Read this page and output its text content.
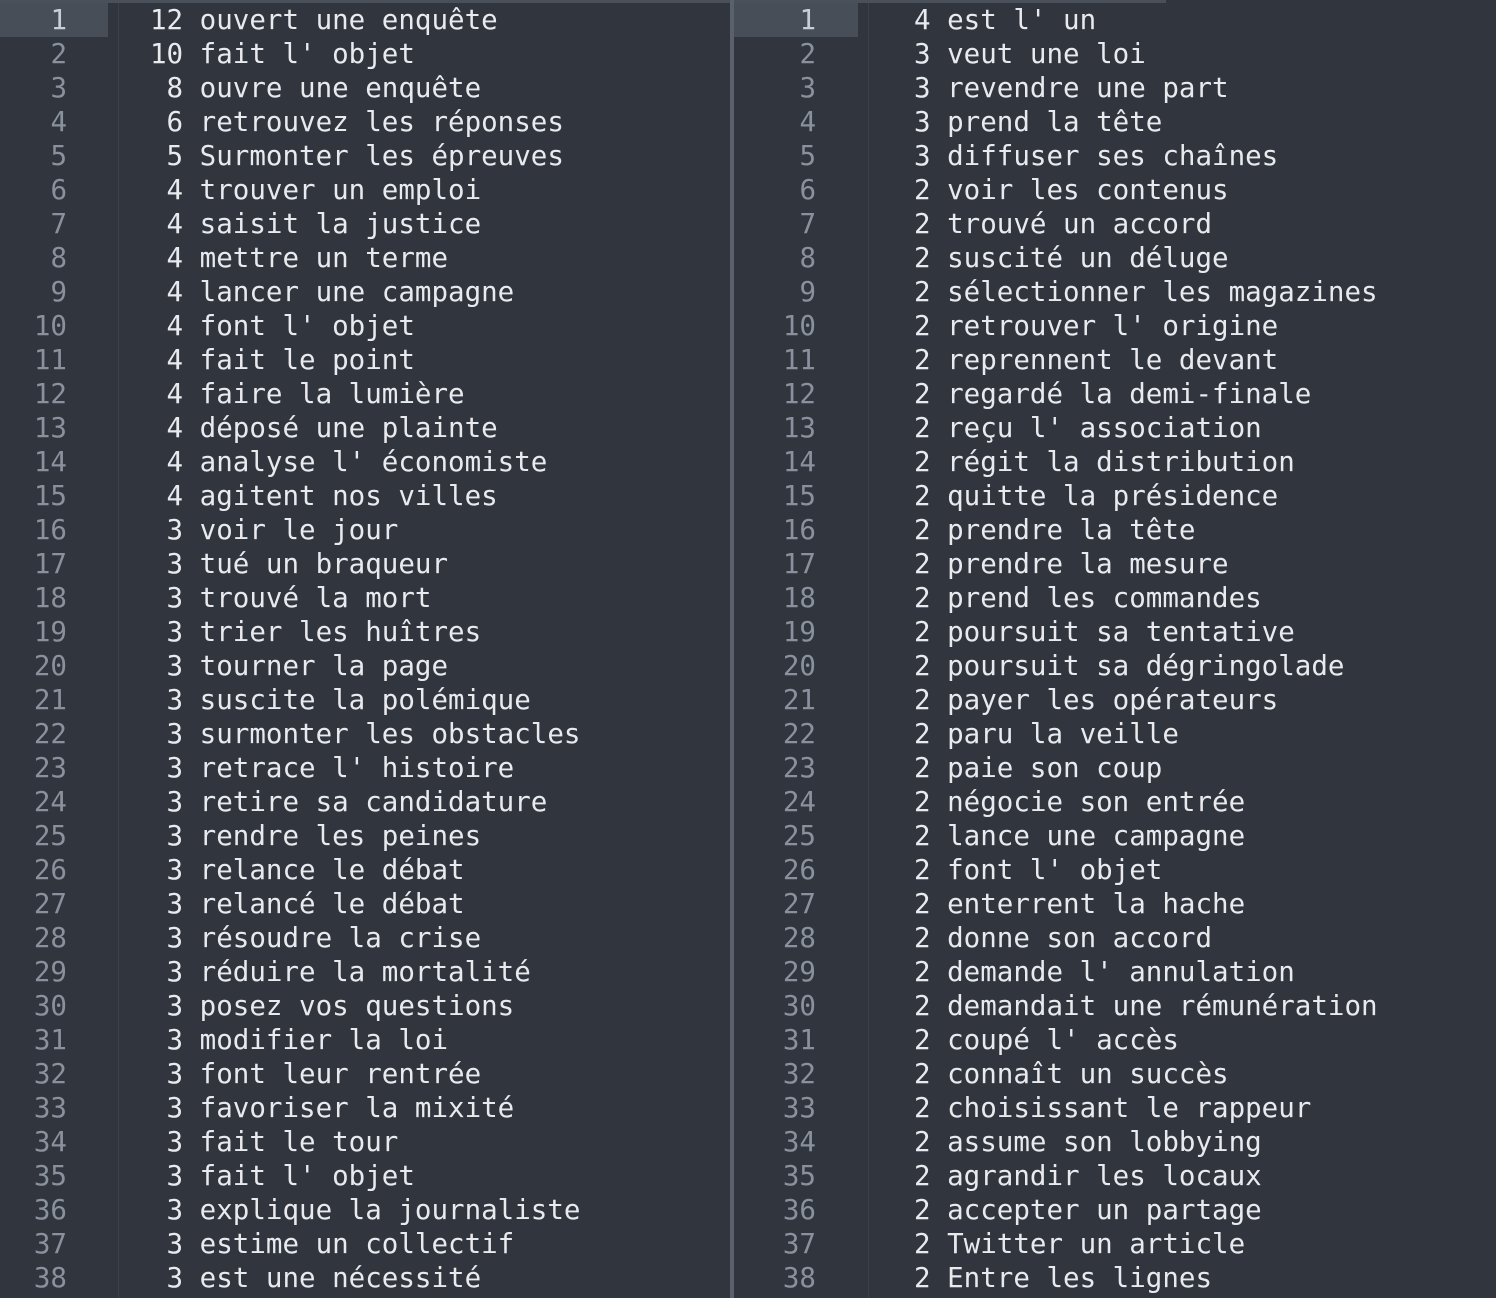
1	12 ouvert une enquête
2	10 fait l' objet
3	8 ouvre une enquête
4	6 retrouvez les réponses
5	5 Surmonter les épreuves
6	4 trouver un emploi
7	4 saisit la justice
8	4 mettre un terme
9	4 lancer une campagne
10	4 font l' objet
11	4 fait le point
12	4 faire la lumière
13	4 déposé une plainte
14	4 analyse l' économiste
15	4 agitent nos villes
16	3 voir le jour
17	3 tué un braqueur
18	3 trouvé la mort
19	3 trier les huîtres
20	3 tourner la page
21	3 suscite la polémique
22	3 surmonter les obstacles
23	3 retrace l' histoire
24	3 retire sa candidature
25	3 rendre les peines
26	3 relance le débat
27	3 relancé le débat
28	3 résoudre la crise
29	3 réduire la mortalité
30	3 posez vos questions
31	3 modifier la loi
32	3 font leur rentrée
33	3 favoriser la mixité
34	3 fait le tour
35	3 fait l' objet
36	3 explique la journaliste
37	3 estime un collectif
38	3 est une nécessité
1	4 est l' un
2	3 veut une loi
3	3 revendre une part
4	3 prend la tête
5	3 diffuser ses chaînes
6	2 voir les contenus
7	2 trouvé un accord
8	2 suscité un déluge
9	2 sélectionner les magazines
10	2 retrouver l' origine
11	2 reprennent le devant
12	2 regardé la demi-finale
13	2 reçu l' association
14	2 régit la distribution
15	2 quitte la présidence
16	2 prendre la tête
17	2 prendre la mesure
18	2 prend les commandes
19	2 poursuit sa tentative
20	2 poursuit sa dégringolade
21	2 payer les opérateurs
22	2 paru la veille
23	2 paie son coup
24	2 négocie son entrée
25	2 lance une campagne
26	2 font l' objet
27	2 enterrent la hache
28	2 donne son accord
29	2 demande l' annulation
30	2 demandait une rémunération
31	2 coupé l' accès
32	2 connaît un succès
33	2 choisissant le rappeur
34	2 assume son lobbying
35	2 agrandir les locaux
36	2 accepter un partage
37	2 Twitter un article
38	2 Entre les lignes
